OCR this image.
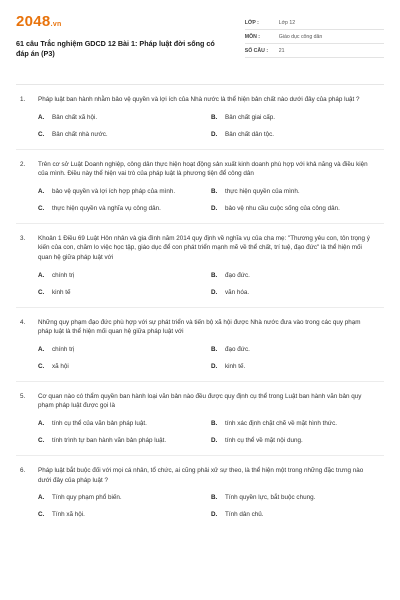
2048.vn
61 câu Trắc nghiệm GDCD 12 Bài 1: Pháp luật đời sống có đáp án (P3)
LỚP :	Lớp 12
MÔN :	Giáo dục công dân
SỐ CÂU :	21
1.	Pháp luật ban hành nhằm bảo vệ quyền và lợi ích của Nhà nước là thể hiện bản chất nào dưới đây của pháp luật ?
A.	Bản chất xã hội.	B.	Bản chất giai cấp.
C.	Bản chất nhà nước.	D.	Bản chất dân tộc.
2.	Trên cơ sở Luật Doanh nghiệp, công dân thực hiện hoạt động sản xuất kinh doanh phù hợp với khả năng và điều kiện của mình. Điều này thể hiện vai trò của pháp luật là phương tiện để công dân
A.	bảo vệ quyền và lợi ích hợp pháp của mình.	B.	thực hiện quyền của mình.
C.	thực hiện quyền và nghĩa vụ công dân.	D.	bảo vệ nhu cầu cuộc sống của công dân.
3.	Khoản 1 Điều 69 Luật Hôn nhân và gia đình năm 2014 quy định về nghĩa vụ của cha mẹ: "Thương yêu con, tôn trọng ý kiến của con, chăm lo việc học tập, giáo dục để con phát triển mạnh mẽ về thể chất, trí tuệ, đạo đức" là thể hiện mối quan hệ giữa pháp luật với
A.	chính trị	B.	đạo đức.
C.	kinh tế	D.	văn hóa.
4.	Những quy phạm đạo đức phù hợp với sự phát triển và tiến bộ xã hội được Nhà nước đưa vào trong các quy phạm pháp luật là thể hiện mối quan hệ giữa pháp luật với
A.	chính trị	B.	đạo đức.
C.	xã hội	D.	kinh tế.
5.	Cơ quan nào có thẩm quyền ban hành loại văn bản nào đều được quy định cụ thể trong Luật ban hành văn bản quy phạm pháp luật được gọi là
A.	tính cụ thể của văn bản pháp luật.	B.	tính xác định chặt chẽ về mặt hình thức.
C.	tính trình tự ban hành văn bản pháp luật.	D.	tính cụ thể về mặt nội dung.
6.	Pháp luật bắt buộc đối với mọi cá nhân, tổ chức, ai cũng phải xử sự theo, là thể hiện một trong những đặc trưng nào dưới đây của pháp luật ?
A.	Tính quy phạm phổ biến.	B.	Tính quyền lực, bắt buộc chung.
C.	Tính xã hội.	D.	Tính dân chủ.
